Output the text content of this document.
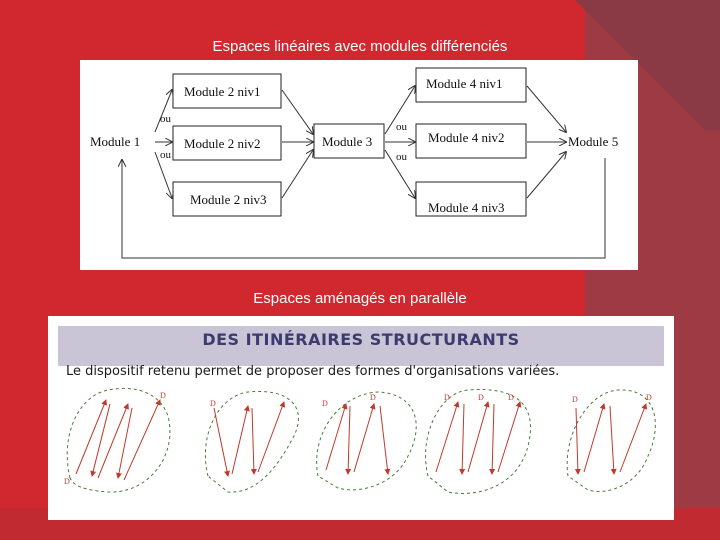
Espaces linéaires avec modules différenciés
Module 1
Module 2 niv1
Module 2 niv2
Module 2 niv3
Module 3
Module 4 niv1
Module 4 niv2
Module 4 niv3
Module 5
ou
ou
ou
ou
Espaces aménagés en parallèle
DES ITINÉRAIRES STRUCTURANTS
Le dispositif retenu permet de proposer des formes d'organisations variées.
D
D
D	D
D	D	D	D	D	D
